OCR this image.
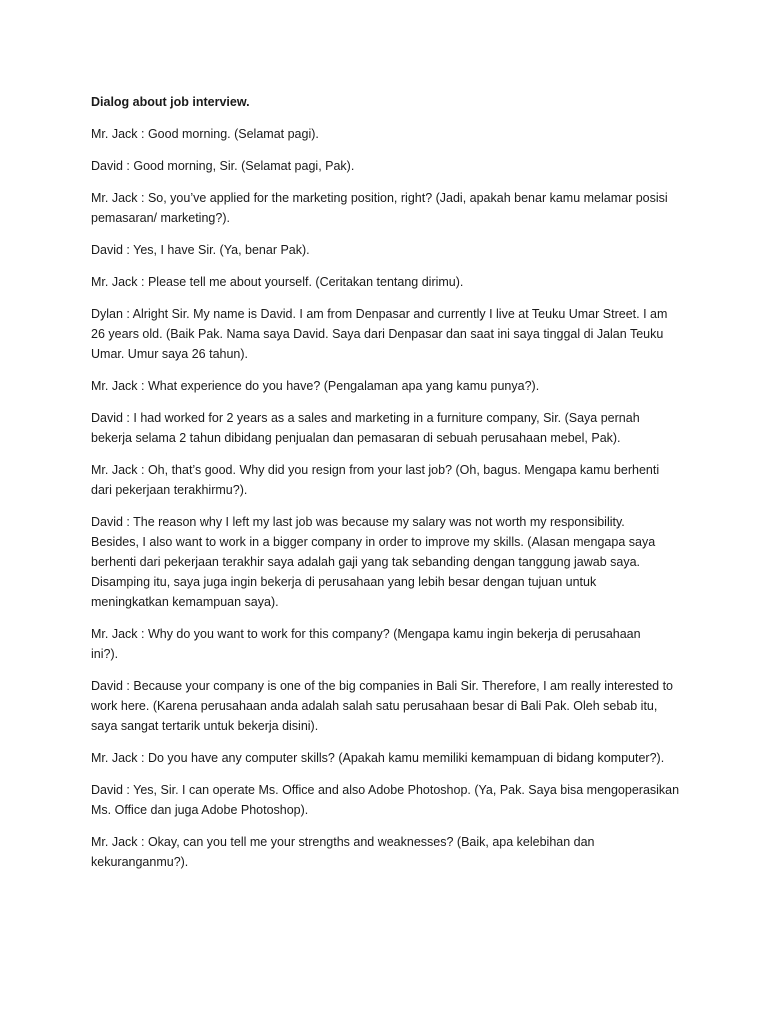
Dialog about job interview.
Mr. Jack : Good morning. (Selamat pagi).
David : Good morning, Sir. (Selamat pagi, Pak).
Mr. Jack : So, you’ve applied for the marketing position, right? (Jadi, apakah benar kamu melamar posisi
pemasaran/ marketing?).
David : Yes, I have Sir. (Ya, benar Pak).
Mr. Jack : Please tell me about yourself. (Ceritakan tentang dirimu).
Dylan : Alright Sir. My name is David. I am from Denpasar and currently I live at Teuku Umar Street. I am
26 years old. (Baik Pak. Nama saya David. Saya dari Denpasar dan saat ini saya tinggal di Jalan Teuku
Umar. Umur saya 26 tahun).
Mr. Jack : What experience do you have? (Pengalaman apa yang kamu punya?).
David : I had worked for 2 years as a sales and marketing in a furniture company, Sir. (Saya pernah
bekerja selama 2 tahun dibidang penjualan dan pemasaran di sebuah perusahaan mebel, Pak).
Mr. Jack : Oh, that’s good. Why did you resign from your last job? (Oh, bagus. Mengapa kamu berhenti
dari pekerjaan terakhirmu?).
David : The reason why I left my last job was because my salary was not worth my responsibility.
Besides, I also want to work in a bigger company in order to improve my skills. (Alasan mengapa saya
berhenti dari pekerjaan terakhir saya adalah gaji yang tak sebanding dengan tanggung jawab saya.
Disamping itu, saya juga ingin bekerja di perusahaan yang lebih besar dengan tujuan untuk
meningkatkan kemampuan saya).
Mr. Jack : Why do you want to work for this company? (Mengapa kamu ingin bekerja di perusahaan
ini?).
David : Because your company is one of the big companies in Bali Sir. Therefore, I am really interested to
work here. (Karena perusahaan anda adalah salah satu perusahaan besar di Bali Pak. Oleh sebab itu,
saya sangat tertarik untuk bekerja disini).
Mr. Jack : Do you have any computer skills? (Apakah kamu memiliki kemampuan di bidang komputer?).
David : Yes, Sir. I can operate Ms. Office and also Adobe Photoshop. (Ya, Pak. Saya bisa mengoperasikan
Ms. Office dan juga Adobe Photoshop).
Mr. Jack : Okay, can you tell me your strengths and weaknesses? (Baik, apa kelebihan dan
kekuranganmu?).
